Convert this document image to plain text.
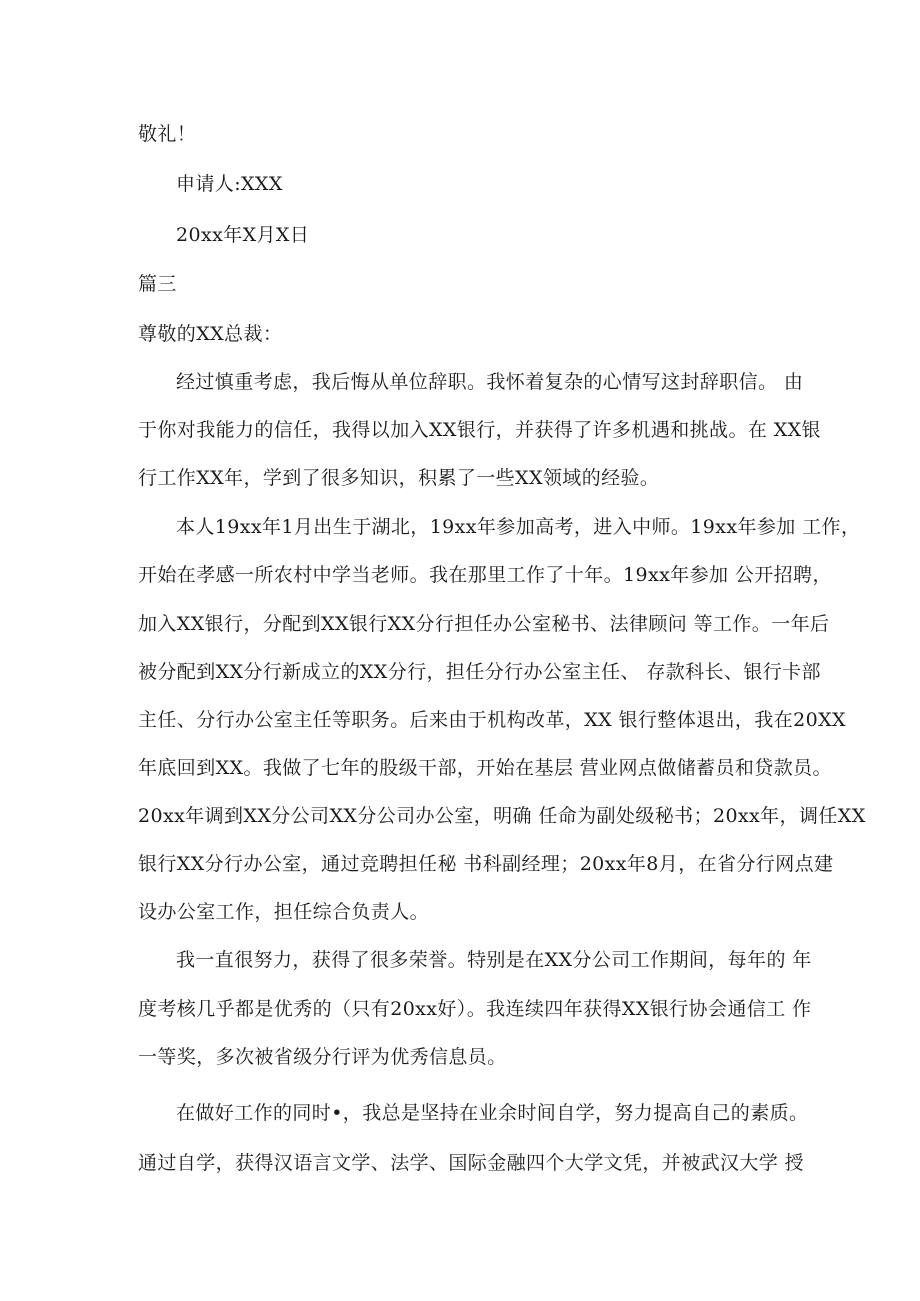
敬礼！
申请人:XXX
20xx年X月X日
篇三
尊敬的XX总裁：
经过慎重考虑，我后悔从单位辞职。我怀着复杂的心情写这封辞职信。 由
于你对我能力的信任，我得以加入XX银行，并获得了许多机遇和挑战。在 XX银
行工作XX年，学到了很多知识，积累了一些XX领域的经验。
本人19xx年1月出生于湖北，19xx年参加高考，进入中师。19xx年参加 工作，
开始在孝感一所农村中学当老师。我在那里工作了十年。19xx年参加 公开招聘，
加入XX银行，分配到XX银行XX分行担任办公室秘书、法律顾问 等工作。一年后
被分配到XX分行新成立的XX分行，担任分行办公室主任、 存款科长、银行卡部
主任、分行办公室主任等职务。后来由于机构改革，XX 银行整体退出，我在20XX
年底回到XX。我做了七年的股级干部，开始在基层 营业网点做储蓄员和贷款员。
20xx年调到XX分公司XX分公司办公室，明确 任命为副处级秘书；20xx年，调任XX
银行XX分行办公室，通过竞聘担任秘 书科副经理；20xx年8月，在省分行网点建
设办公室工作，担任综合负责人。
我一直很努力，获得了很多荣誉。特别是在XX分公司工作期间，每年的 年
度考核几乎都是优秀的（只有20xx好）。我连续四年获得XX银行协会通信工 作
一等奖，多次被省级分行评为优秀信息员。
在做好工作的同时•，我总是坚持在业余时间自学，努力提高自己的素质。
通过自学，获得汉语言文学、法学、国际金融四个大学文凭，并被武汉大学 授
